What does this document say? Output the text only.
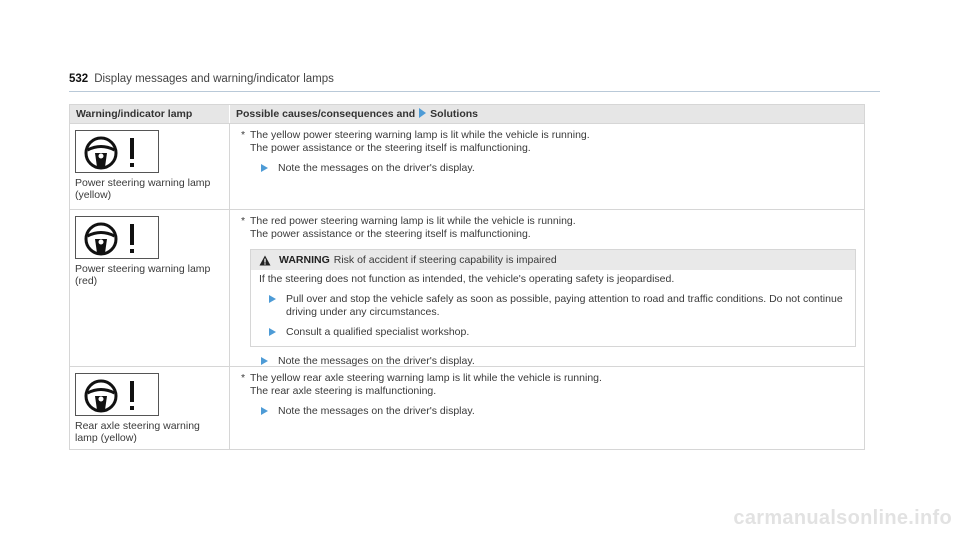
532 Display messages and warning/indicator lamps
Warning/indicator lamp	Possible causes/consequences and Solutions
Power steering warning lamp (yellow)
* The yellow power steering warning lamp is lit while the vehicle is running.
The power assistance or the steering itself is malfunctioning.
Note the messages on the driver's display.
Power steering warning lamp (red)
* The red power steering warning lamp is lit while the vehicle is running.
The power assistance or the steering itself is malfunctioning.
WARNING Risk of accident if steering capability is impaired
If the steering does not function as intended, the vehicle's operating safety is jeopardised.
Pull over and stop the vehicle safely as soon as possible, paying attention to road and traffic conditions. Do not continue driving under any circumstances.
Consult a qualified specialist workshop.
Note the messages on the driver's display.
Rear axle steering warning lamp (yellow)
* The yellow rear axle steering warning lamp is lit while the vehicle is running.
The rear axle steering is malfunctioning.
Note the messages on the driver's display.
carmanualsonline.info
